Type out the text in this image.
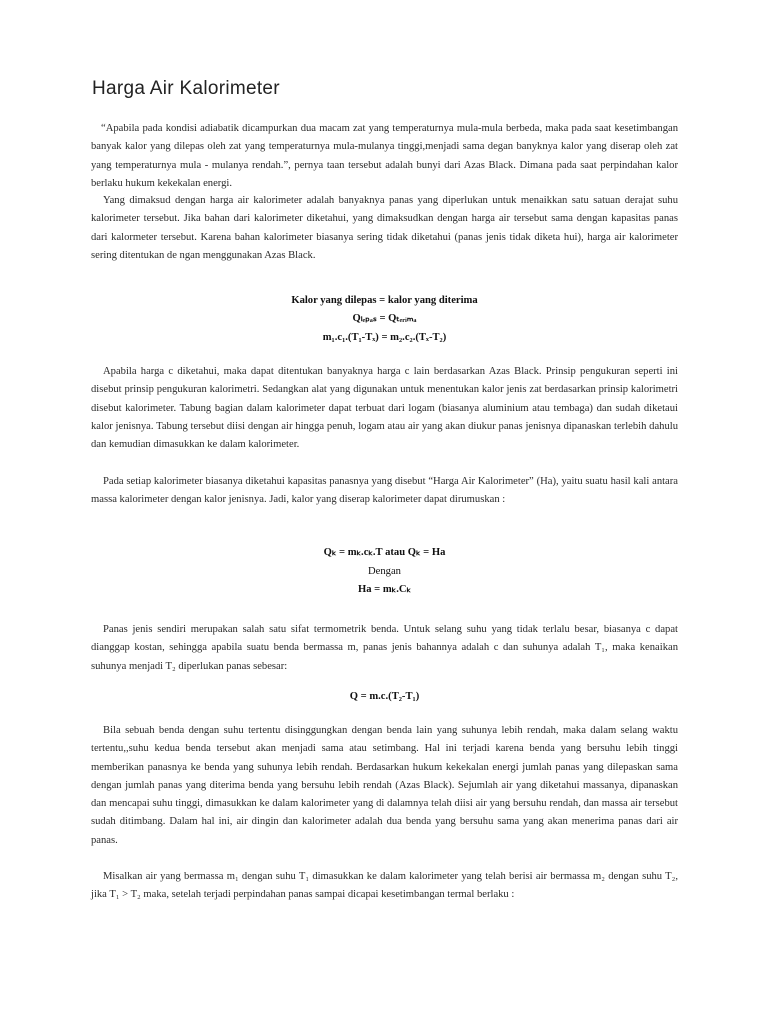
Harga Air Kalorimeter

“Apabila pada kondisi adiabatik dicampurkan dua macam zat yang temperaturnya mula-mula berbeda, maka pada saat kesetimbangan banyak kalor yang dilepas oleh zat yang temperaturnya mula-mulanya tinggi,menjadi sama degan banyknya kalor yang diserap oleh zat yang temperaturnya mula - mulanya rendah.”, pernya taan tersebut adalah bunyi dari Azas Black. Dimana pada saat perpindahan kalor berlaku hukum kekekalan energi.

Yang dimaksud dengan harga air kalorimeter adalah banyaknya panas yang diperlukan untuk menaikkan satu satuan derajat suhu kalorimeter tersebut. Jika bahan dari kalorimeter diketahui, yang dimaksudkan dengan harga air tersebut sama dengan kapasitas panas dari kalormeter tersebut. Karena bahan kalorimeter biasanya sering tidak diketahui (panas jenis tidak diketa hui), harga air kalorimeter sering ditentukan de ngan menggunakan Azas Black.

Kalor yang dilepas = kalor yang diterima
Qₗₑₚₐₛ = Qₜₑᵣᵢₘₐ
m₁.c₁.(T₁-Tₓ) = m₂.c₂.(Tₓ-T₂)

Apabila harga c diketahui, maka dapat ditentukan banyaknya harga c lain berdasarkan Azas Black. Prinsip pengukuran seperti ini disebut prinsip pengukuran kalorimetri. Sedangkan alat yang digunakan untuk menentukan kalor jenis zat berdasarkan prinsip kalorimetri disebut kalorimeter. Tabung bagian dalam kalorimeter dapat terbuat dari logam (biasanya aluminium atau tembaga) dan sudah diketaui kalor jenisnya. Tabung tersebut diisi dengan air hingga penuh, logam atau air yang akan diukur panas jenisnya dipanaskan terlebih dahulu dan kemudian dimasukkan ke dalam kalorimeter.

Pada setiap kalorimeter biasanya diketahui kapasitas panasnya yang disebut “Harga Air Kalorimeter” (Ha), yaitu suatu hasil kali antara massa kalorimeter dengan kalor jenisnya. Jadi, kalor yang diserap kalorimeter dapat dirumuskan :

Qₖ = mₖ.cₖ.T atau Qₖ = Ha
Dengan
Ha = mₖ.Cₖ

Panas jenis sendiri merupakan salah satu sifat termometrik benda. Untuk selang suhu yang tidak terlalu besar, biasanya c dapat dianggap kostan, sehingga apabila suatu benda bermassa m, panas jenis bahannya adalah c dan suhunya adalah T₁, maka kenaikan suhunya menjadi T₂ diperlukan panas sebesar:

Q = m.c.(T₂-T₁)

Bila sebuah benda dengan suhu tertentu disinggungkan dengan benda lain yang suhunya lebih rendah, maka dalam selang waktu tertentu,,suhu kedua benda tersebut akan menjadi sama atau setimbang. Hal ini terjadi karena benda yang bersuhu lebih tinggi memberikan panasnya ke benda yang suhunya lebih rendah. Berdasarkan hukum kekekalan energi jumlah panas yang dilepaskan sama dengan jumlah panas yang diterima benda yang bersuhu lebih rendah (Azas Black). Sejumlah air yang diketahui massanya, dipanaskan dan mencapai suhu tinggi, dimasukkan ke dalam kalorimeter yang di dalamnya telah diisi air yang bersuhu rendah, dan massa air tersebut sudah ditimbang. Dalam hal ini, air dingin dan kalorimeter adalah dua benda yang bersuhu sama yang akan menerima panas dari air panas.

Misalkan air yang bermassa m₁ dengan suhu T₁ dimasukkan ke dalam kalorimeter yang telah berisi air bermassa m₂ dengan suhu T₂, jika T₁ > T₂ maka, setelah terjadi perpindahan panas sampai dicapai kesetimbangan termal berlaku :
